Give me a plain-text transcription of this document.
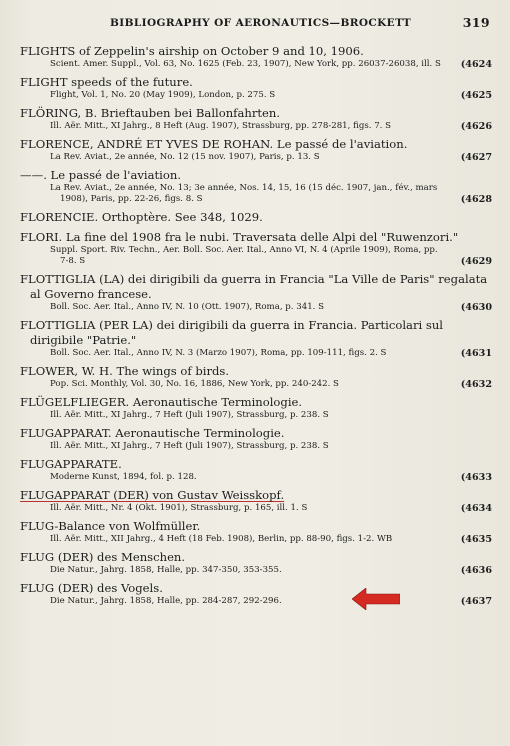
BIBLIOGRAPHY OF AERONAUTICS—BROCKETT	319
FLIGHTS of Zeppelin's airship on October 9 and 10, 1906.
Scient. Amer. Suppl., Vol. 63, No. 1625 (Feb. 23, 1907), New York, pp. 26037-26038, ill. S	(4624
FLIGHT speeds of the future.
Flight, Vol. 1, No. 20 (May 1909), London, p. 275. S	(4625
FLÖRING, B. Brieftauben bei Ballonfahrten.
Ill. Aër. Mitt., XI Jahrg., 8 Heft (Aug. 1907), Strassburg, pp. 278-281, figs. 7. S	(4626
FLORENCE, ANDRÉ ET YVES DE ROHAN. Le passé de l'aviation.
La Rev. Aviat., 2e année, No. 12 (15 nov. 1907), Paris, p. 13. S	(4627
——. Le passé de l'aviation.
La Rev. Aviat., 2e année, No. 13; 3e année, Nos. 14, 15, 16 (15 déc. 1907, jan., fév., mars 1908), Paris, pp. 22-26, figs. 8. S	(4628
FLORENCIE. Orthoptère. See 348, 1029.
FLORI. La fine del 1908 fra le nubi. Traversata delle Alpi del "Ruwenzori."
Suppl. Sport. Riv. Techn., Aer. Boll. Soc. Aer. Ital., Anno VI, N. 4 (Aprile 1909), Roma, pp. 7-8. S	(4629
FLOTTIGLIA (LA) dei dirigibili da guerra in Francia "La Ville de Paris" regalata al Governo francese.
Boll. Soc. Aer. Ital., Anno IV, N. 10 (Ott. 1907), Roma, p. 341. S	(4630
FLOTTIGLIA (PER LA) dei dirigibili da guerra in Francia. Particolari sul dirigibile "Patrie."
Boll. Soc. Aer. Ital., Anno IV, N. 3 (Marzo 1907), Roma, pp. 109-111, figs. 2. S	(4631
FLOWER, W. H. The wings of birds.
Pop. Sci. Monthly, Vol. 30, No. 16, 1886, New York, pp. 240-242. S	(4632
FLÜGELFLIEGER. Aeronautische Terminologie.
Ill. Aër. Mitt., XI Jahrg., 7 Heft (Juli 1907), Strassburg, p. 238. S
FLUGAPPARAT. Aeronautische Terminologie.
Ill. Aër. Mitt., XI Jahrg., 7 Heft (Juli 1907), Strassburg, p. 238. S
FLUGAPPARATE.
Moderne Kunst, 1894, fol. p. 128.	(4633
FLUGAPPARAT (DER) von Gustav Weisskopf.
Ill. Aër. Mitt., Nr. 4 (Okt. 1901), Strassburg, p. 165, ill. 1. S	(4634
FLUG-Balance von Wolfmüller.
Ill. Aër. Mitt., XII Jahrg., 4 Heft (18 Feb. 1908), Berlin, pp. 88-90, figs. 1-2. WB	(4635
FLUG (DER) des Menschen.
Die Natur., Jahrg. 1858, Halle, pp. 347-350, 353-355.	(4636
FLUG (DER) des Vogels.
Die Natur., Jahrg. 1858, Halle, pp. 284-287, 292-296.	(4637
